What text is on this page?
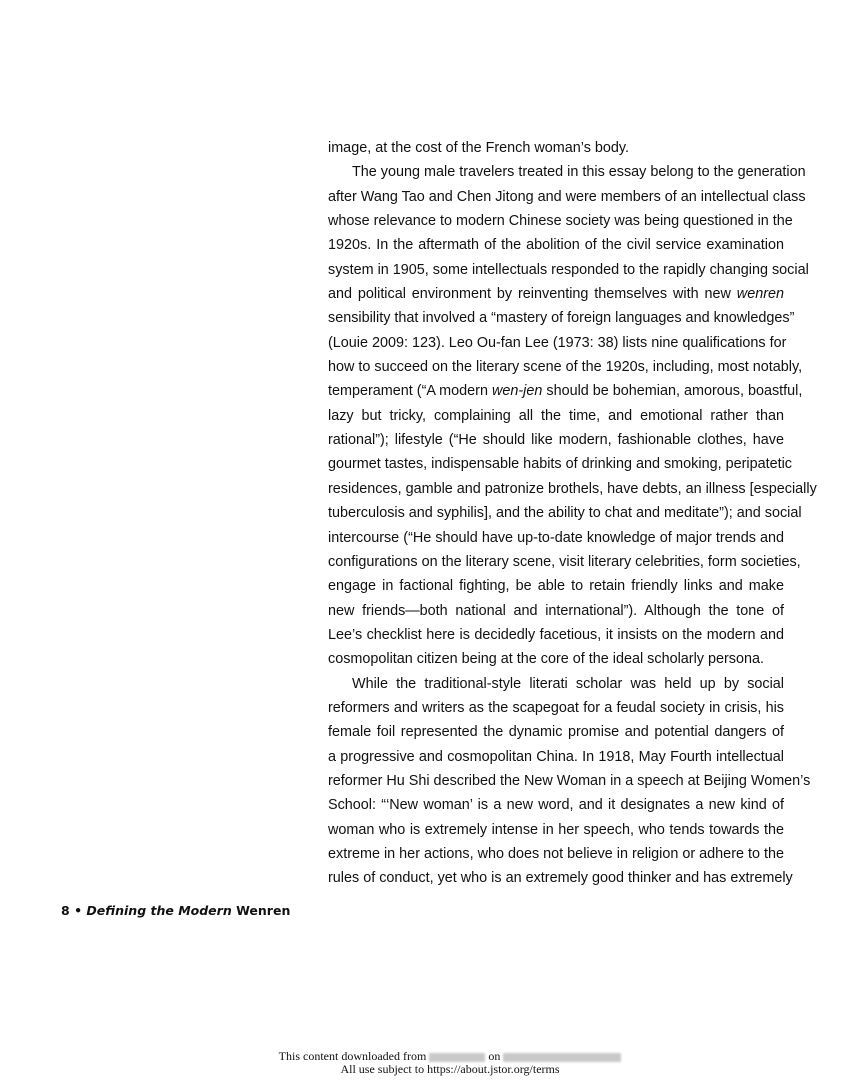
image, at the cost of the French woman’s body.
The young male travelers treated in this essay belong to the generation
after Wang Tao and Chen Jitong and were members of an intellectual class
whose relevance to modern Chinese society was being questioned in the
1920s. In the aftermath of the abolition of the civil service examination
system in 1905, some intellectuals responded to the rapidly changing social
and political environment by reinventing themselves with new wenren
sensibility that involved a “mastery of foreign languages and knowledges”
(Louie 2009: 123). Leo Ou-fan Lee (1973: 38) lists nine qualifications for
how to succeed on the literary scene of the 1920s, including, most notably,
temperament (“A modern wen-jen should be bohemian, amorous, boastful,
lazy but tricky, complaining all the time, and emotional rather than
rational”); lifestyle (“He should like modern, fashionable clothes, have
gourmet tastes, indispensable habits of drinking and smoking, peripatetic
residences, gamble and patronize brothels, have debts, an illness [especially
tuberculosis and syphilis], and the ability to chat and meditate”); and social
intercourse (“He should have up-to-date knowledge of major trends and
configurations on the literary scene, visit literary celebrities, form societies,
engage in factional fighting, be able to retain friendly links and make
new friends—both national and international”). Although the tone of
Lee’s checklist here is decidedly facetious, it insists on the modern and
cosmopolitan citizen being at the core of the ideal scholarly persona.
While the traditional-style literati scholar was held up by social
reformers and writers as the scapegoat for a feudal society in crisis, his
female foil represented the dynamic promise and potential dangers of
a progressive and cosmopolitan China. In 1918, May Fourth intellectual
reformer Hu Shi described the New Woman in a speech at Beijing Women’s
School: “‘New woman’ is a new word, and it designates a new kind of
woman who is extremely intense in her speech, who tends towards the
extreme in her actions, who does not believe in religion or adhere to the
rules of conduct, yet who is an extremely good thinker and has extremely
8 • Defining the Modern Wenren
This content downloaded from	on
All use subject to https://about.jstor.org/terms
